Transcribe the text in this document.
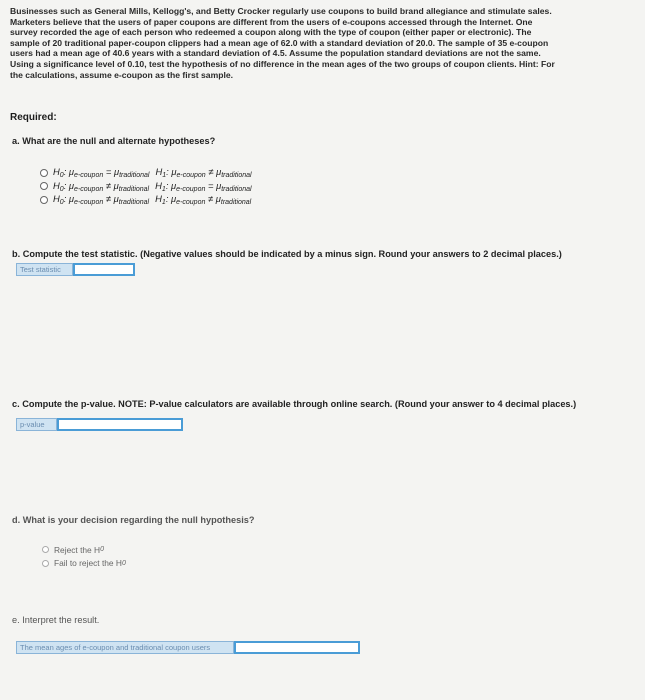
Businesses such as General Mills, Kellogg's, and Betty Crocker regularly use coupons to build brand allegiance and stimulate sales.
Marketers believe that the users of paper coupons are different from the users of e-coupons accessed through the Internet. One
survey recorded the age of each person who redeemed a coupon along with the type of coupon (either paper or electronic). The
sample of 20 traditional paper-coupon clippers had a mean age of 62.0 with a standard deviation of 20.0. The sample of 35 e-coupon
users had a mean age of 40.6 years with a standard deviation of 4.5. Assume the population standard deviations are not the same.
Using a significance level of 0.10, test the hypothesis of no difference in the mean ages of the two groups of coupon clients. Hint: For
the calculations, assume e-coupon as the first sample.
Required:
a. What are the null and alternate hypotheses?
$H_0$: $\mu_{e-coupon} = \mu_{traditional}$ $H_1$: $\mu_{e-coupon} \ne \mu_{traditional}$
$H_0$: $\mu_{e-coupon} \ne \mu_{traditional}$ $H_1$: $\mu_{e-coupon} = \mu_{traditional}$
$H_0$: $\mu_{e-coupon} \ne \mu_{traditional}$ $H_1$: $\mu_{e-coupon} \ne \mu_{traditional}$
b. Compute the test statistic. (Negative values should be indicated by a minus sign. Round your answers to 2 decimal places.)
Test statistic
c. Compute the p-value. NOTE: P-value calculators are available through online search. (Round your answer to 4 decimal places.)
p-value
d. What is your decision regarding the null hypothesis?
Reject the H 0
Fail to reject the H 0
e. Interpret the result.
The mean ages of e-coupon and traditional coupon users
